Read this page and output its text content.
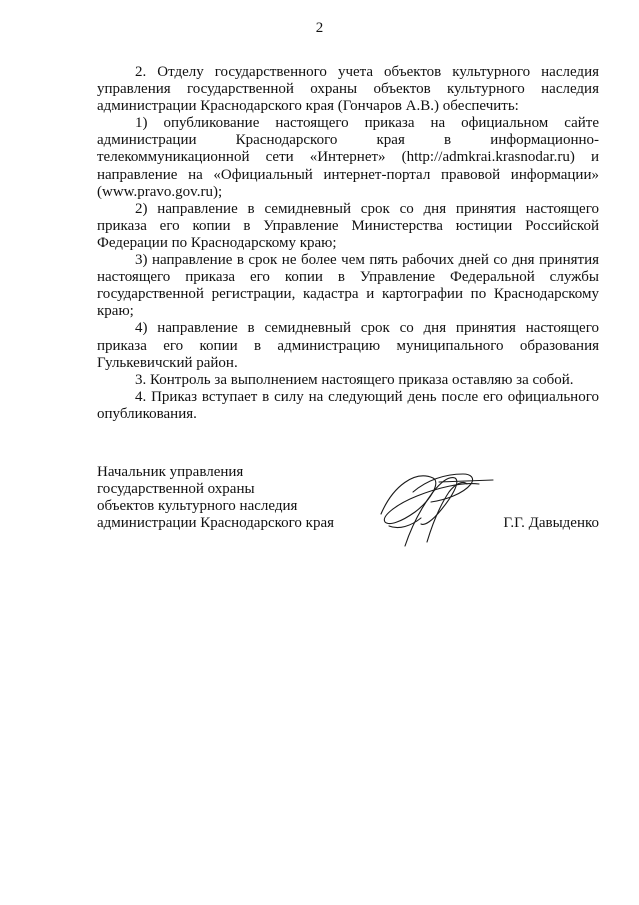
2

2. Отделу государственного учета объектов культурного наследия управления государственной охраны объектов культурного наследия администрации Краснодарского края (Гончаров А.В.) обеспечить:

1) опубликование настоящего приказа на официальном сайте администрации Краснодарского края в информационно-телекоммуникационной сети «Интернет» (http://admkrai.krasnodar.ru) и направление на «Официальный интернет-портал правовой информации» (www.pravo.gov.ru);

2) направление в семидневный срок со дня принятия настоящего приказа его копии в Управление Министерства юстиции Российской Федерации по Краснодарскому краю;

3) направление в срок не более чем пять рабочих дней со дня принятия настоящего приказа его копии в Управление Федеральной службы государственной регистрации, кадастра и картографии по Краснодарскому краю;

4) направление в семидневный срок со дня принятия настоящего приказа его копии в администрацию муниципального образования Гулькевичский район.

3. Контроль за выполнением настоящего приказа оставляю за собой.

4. Приказ вступает в силу на следующий день после его официального опубликования.

Начальник управления
государственной охраны
объектов культурного наследия
администрации Краснодарского края	Г.Г. Давыденко
